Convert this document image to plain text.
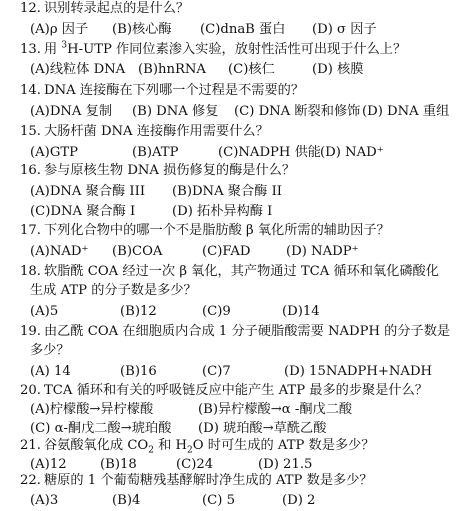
12. 识别转录起点的是什么？
(A)ρ 因子 (B)核心酶 (C)dnaB 蛋白 (D) σ 因子
13. 用 $^3$H-UTP 作同位素渗入实验，放射性活性可出现于什么上？
(A)线粒体 DNA (B)hnRNA (C)核仁	(D) 核膜
14. DNA 连接酶在下列哪一个过程是不需要的？
(A)DNA 复制 (B) DNA 修复 (C) DNA 断裂和修饰 (D) DNA 重组
15. 大肠杆菌 DNA 连接酶作用需要什么？
(A)GTP	(B)ATP	(C)NADPH 供能 (D) NAD⁺
16. 参与原核生物 DNA 损伤修复的酶是什么？
(A)DNA 聚合酶 III (B)DNA 聚合酶 II
(C)DNA 聚合酶 I	(D) 拓朴异构酶 I
17. 下列化合物中的哪一个不是脂肪酸 β 氧化所需的辅助因子？
(A)NAD⁺ (B)COA	(C)FAD	(D) NADP⁺
18. 软脂酰 COA 经过一次 β 氧化，其产物通过 TCA 循环和氧化磷酸化
生成 ATP 的分子数是多少？
(A)5	(B)12	(C)9	(D)14
19. 由乙酰 COA 在细胞质内合成 1 分子硬脂酸需要 NADPH 的分子数是
多少？
(A) 14	(B)16	(C)7	(D) 15NADPH+NADH
20. TCA 循环和有关的呼吸链反应中能产生 ATP 最多的步聚是什么？
(A)柠檬酸→异柠檬酸	(B)异柠檬酸→α -酮戊二酸
(C) α-酮戊二酸→琥珀酸 (D) 琥珀酸→草酰乙酸
21. 谷氨酸氧化成 $CO_2$ 和 $H_2O$ 时可生成的 ATP 数是多少？
(A)12	(B)18	(C)24	(D) 21.5
22. 糖原的 1 个葡萄糖残基酵解时净生成的 ATP 数是多少？
(A)3	(B)4	(C) 5	(D) 2
